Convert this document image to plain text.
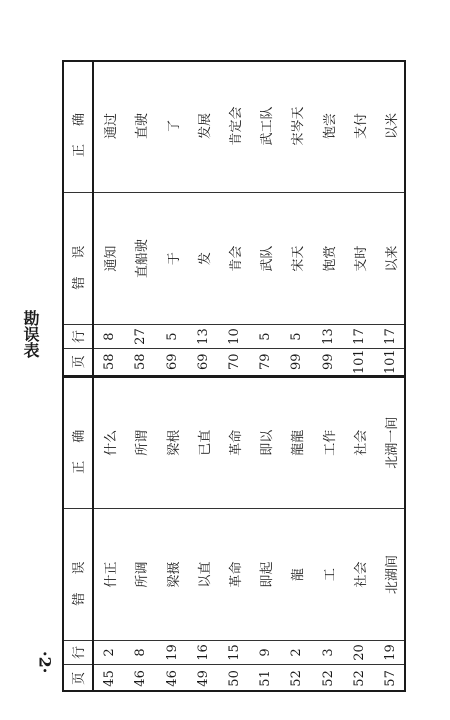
勘误表
·2·
页	行	错误	正确	页	行	错误	正确
45	2	什正	什么	58	8	通知	通过
46	8	所调	所谓	58	27	直船驶	直驶
46	19	梁摄	梁根	69	5	于	了
49	16	以直	已直	69	13	发	发展
50	15	革命	革命	70	10	肯会	肯定会
51	9	即起	即以	79	5	武队	武工队
52	2	龍	龍龍	99	5	宋天	宋岑天
52	3	工	工作	99	13	饱赏	饱尝
52	20	社会	社会	101	17	支时	支付
57	19	北湖间	北湖一间	101	17	以来	以米
